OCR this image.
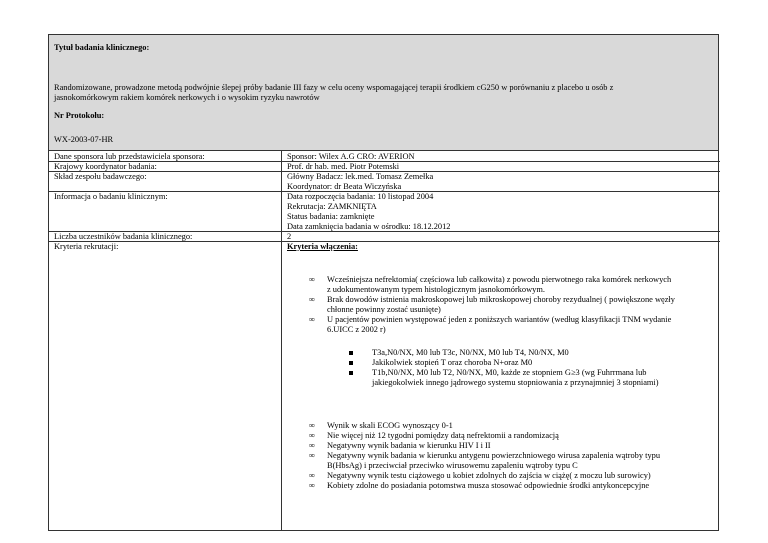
Tytuł badania klinicznego:
Randomizowane, prowadzone metodą podwójnie ślepej próby badanie III fazy w celu oceny wspomagającej terapii środkiem cG250 w porównaniu z placebo u osób z
jasnokomórkowym rakiem komórek nerkowych i o wysokim ryzyku nawrotów
Nr Protokołu:
WX-2003-07-HR
Dane sponsora lub przedstawiciela sponsora:	Sponsor: Wilex A.G CRO: AVERION
Krajowy koordynator badania:	Prof. dr hab. med. Piotr Potemski
Skład zespołu badawczego:	Główny Badacz: lek.med. Tomasz Zemełka
Koordynator: dr Beata Wiczyńska
Informacja o badaniu klinicznym:	Data rozpoczęcia badania: 10 listopad 2004
Rekrutacja: ZAMKNIĘTA
Status badania: zamknięte
Data zamknięcia badania w ośrodku: 18.12.2012
Liczba uczestników badania klinicznego:	2
Kryteria rekrutacji:	Kryteria włączenia:
∞ Wcześniejsza nefrektomia( częściowa lub całkowita) z powodu pierwotnego raka komórek nerkowych
z udokumentowanym typem histologicznym jasnokomórkowym.
∞ Brak dowodów istnienia makroskopowej lub mikroskopowej choroby rezydualnej ( powiększone węzły
chłonne powinny zostać usunięte)
∞ U pacjentów powinien występować jeden z poniższych wariantów (według klasyfikacji TNM wydanie
6.UICC z 2002 r)
T3a,N0/NX, M0 lub T3c, N0/NX, M0 lub T4, N0/NX, M0
Jakikolwiek stopień T oraz choroba N+oraz M0
T1b,N0/NX, M0 lub T2, N0/NX, M0, każde ze stopniem G≥3 (wg Fuhrrmana lub
jakiegokolwiek innego jądrowego systemu stopniowania z przynajmniej 3 stopniami)
∞ Wynik w skali ECOG wynoszący 0-1
∞ Nie więcej niż 12 tygodni pomiędzy datą nefrektomii a randomizacją
∞ Negatywny wynik badania w kierunku HIV I i II
∞ Negatywny wynik badania w kierunku antygenu powierzchniowego wirusa zapalenia wątroby typu
B(HbsAg) i przeciwciał przeciwko wirusowemu zapaleniu wątroby typu C
∞ Negatywny wynik testu ciążowego u kobiet zdolnych do zajścia w ciążę( z moczu lub surowicy)
∞ Kobiety zdolne do posiadania potomstwa musza stosować odpowiednie środki antykoncepcyjne
